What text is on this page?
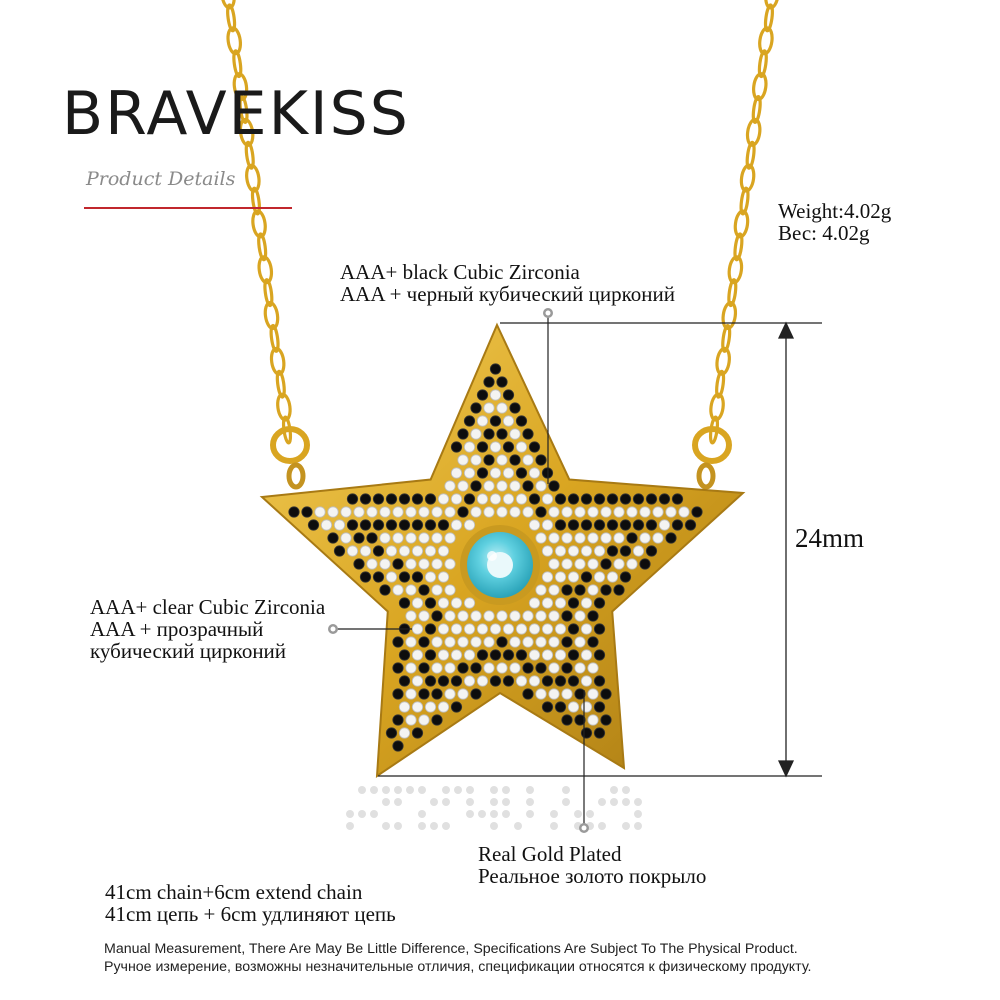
BRAVEKISS
Product Details
Weight:4.02g
Вес: 4.02g
AAA+ black Cubic Zirconia
AAA + черный кубический цирконий
AAA+ clear Cubic Zirconia
AAA + прозрачный
кубический цирконий
24mm
Real Gold Plated
Реальное золото покрыло
41cm chain+6cm extend chain
41cm цепь + 6cm удлиняют цепь
Manual Measurement, There Are May Be Little Difference, Specifications Are Subject To The Physical Product.
Ручное измерение, возможны незначительные отличия, спецификации относятся к физическому продукту.
